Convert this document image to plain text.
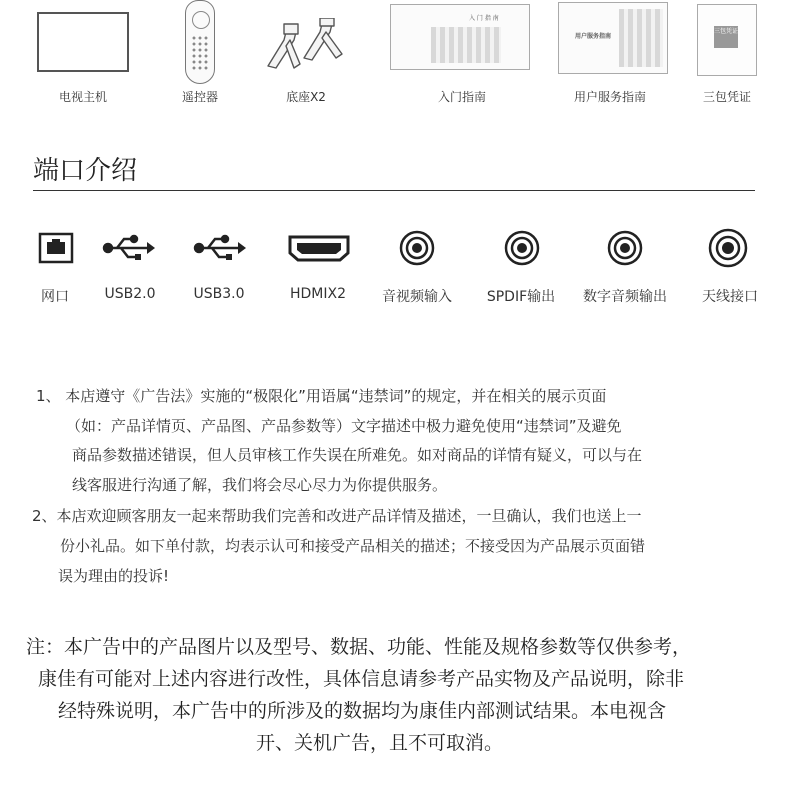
电视主机	遥控器	底座X2
入 门 指 南
入门指南
用户服务指南
用户服务指南
三包凭证
三包凭证
端口介绍
网口	USB2.0	USB3.0	HDMIX2	音视频输入	SPDIF输出	数字音频输出	天线接口
1、 本店遵守《广告法》实施的“极限化”用语属“违禁词”的规定，并在相关的展示页面
（如：产品详情页、产品图、产品参数等）文字描述中极力避免使用“违禁词”及避免
商品参数描述错误，但人员审核工作失误在所难免。如对商品的详情有疑义，可以与在
线客服进行沟通了解，我们将会尽心尽力为你提供服务。
2、本店欢迎顾客朋友一起来帮助我们完善和改进产品详情及描述，一旦确认，我们也送上一
份小礼品。如下单付款，均表示认可和接受产品相关的描述；不接受因为产品展示页面错
误为理由的投诉!
注：本广告中的产品图片以及型号、数据、功能、性能及规格参数等仅供参考，
康佳有可能对上述内容进行改性，具体信息请参考产品实物及产品说明，除非
经特殊说明，本广告中的所涉及的数据均为康佳内部测试结果。本电视含
开、关机广告，且不可取消。
